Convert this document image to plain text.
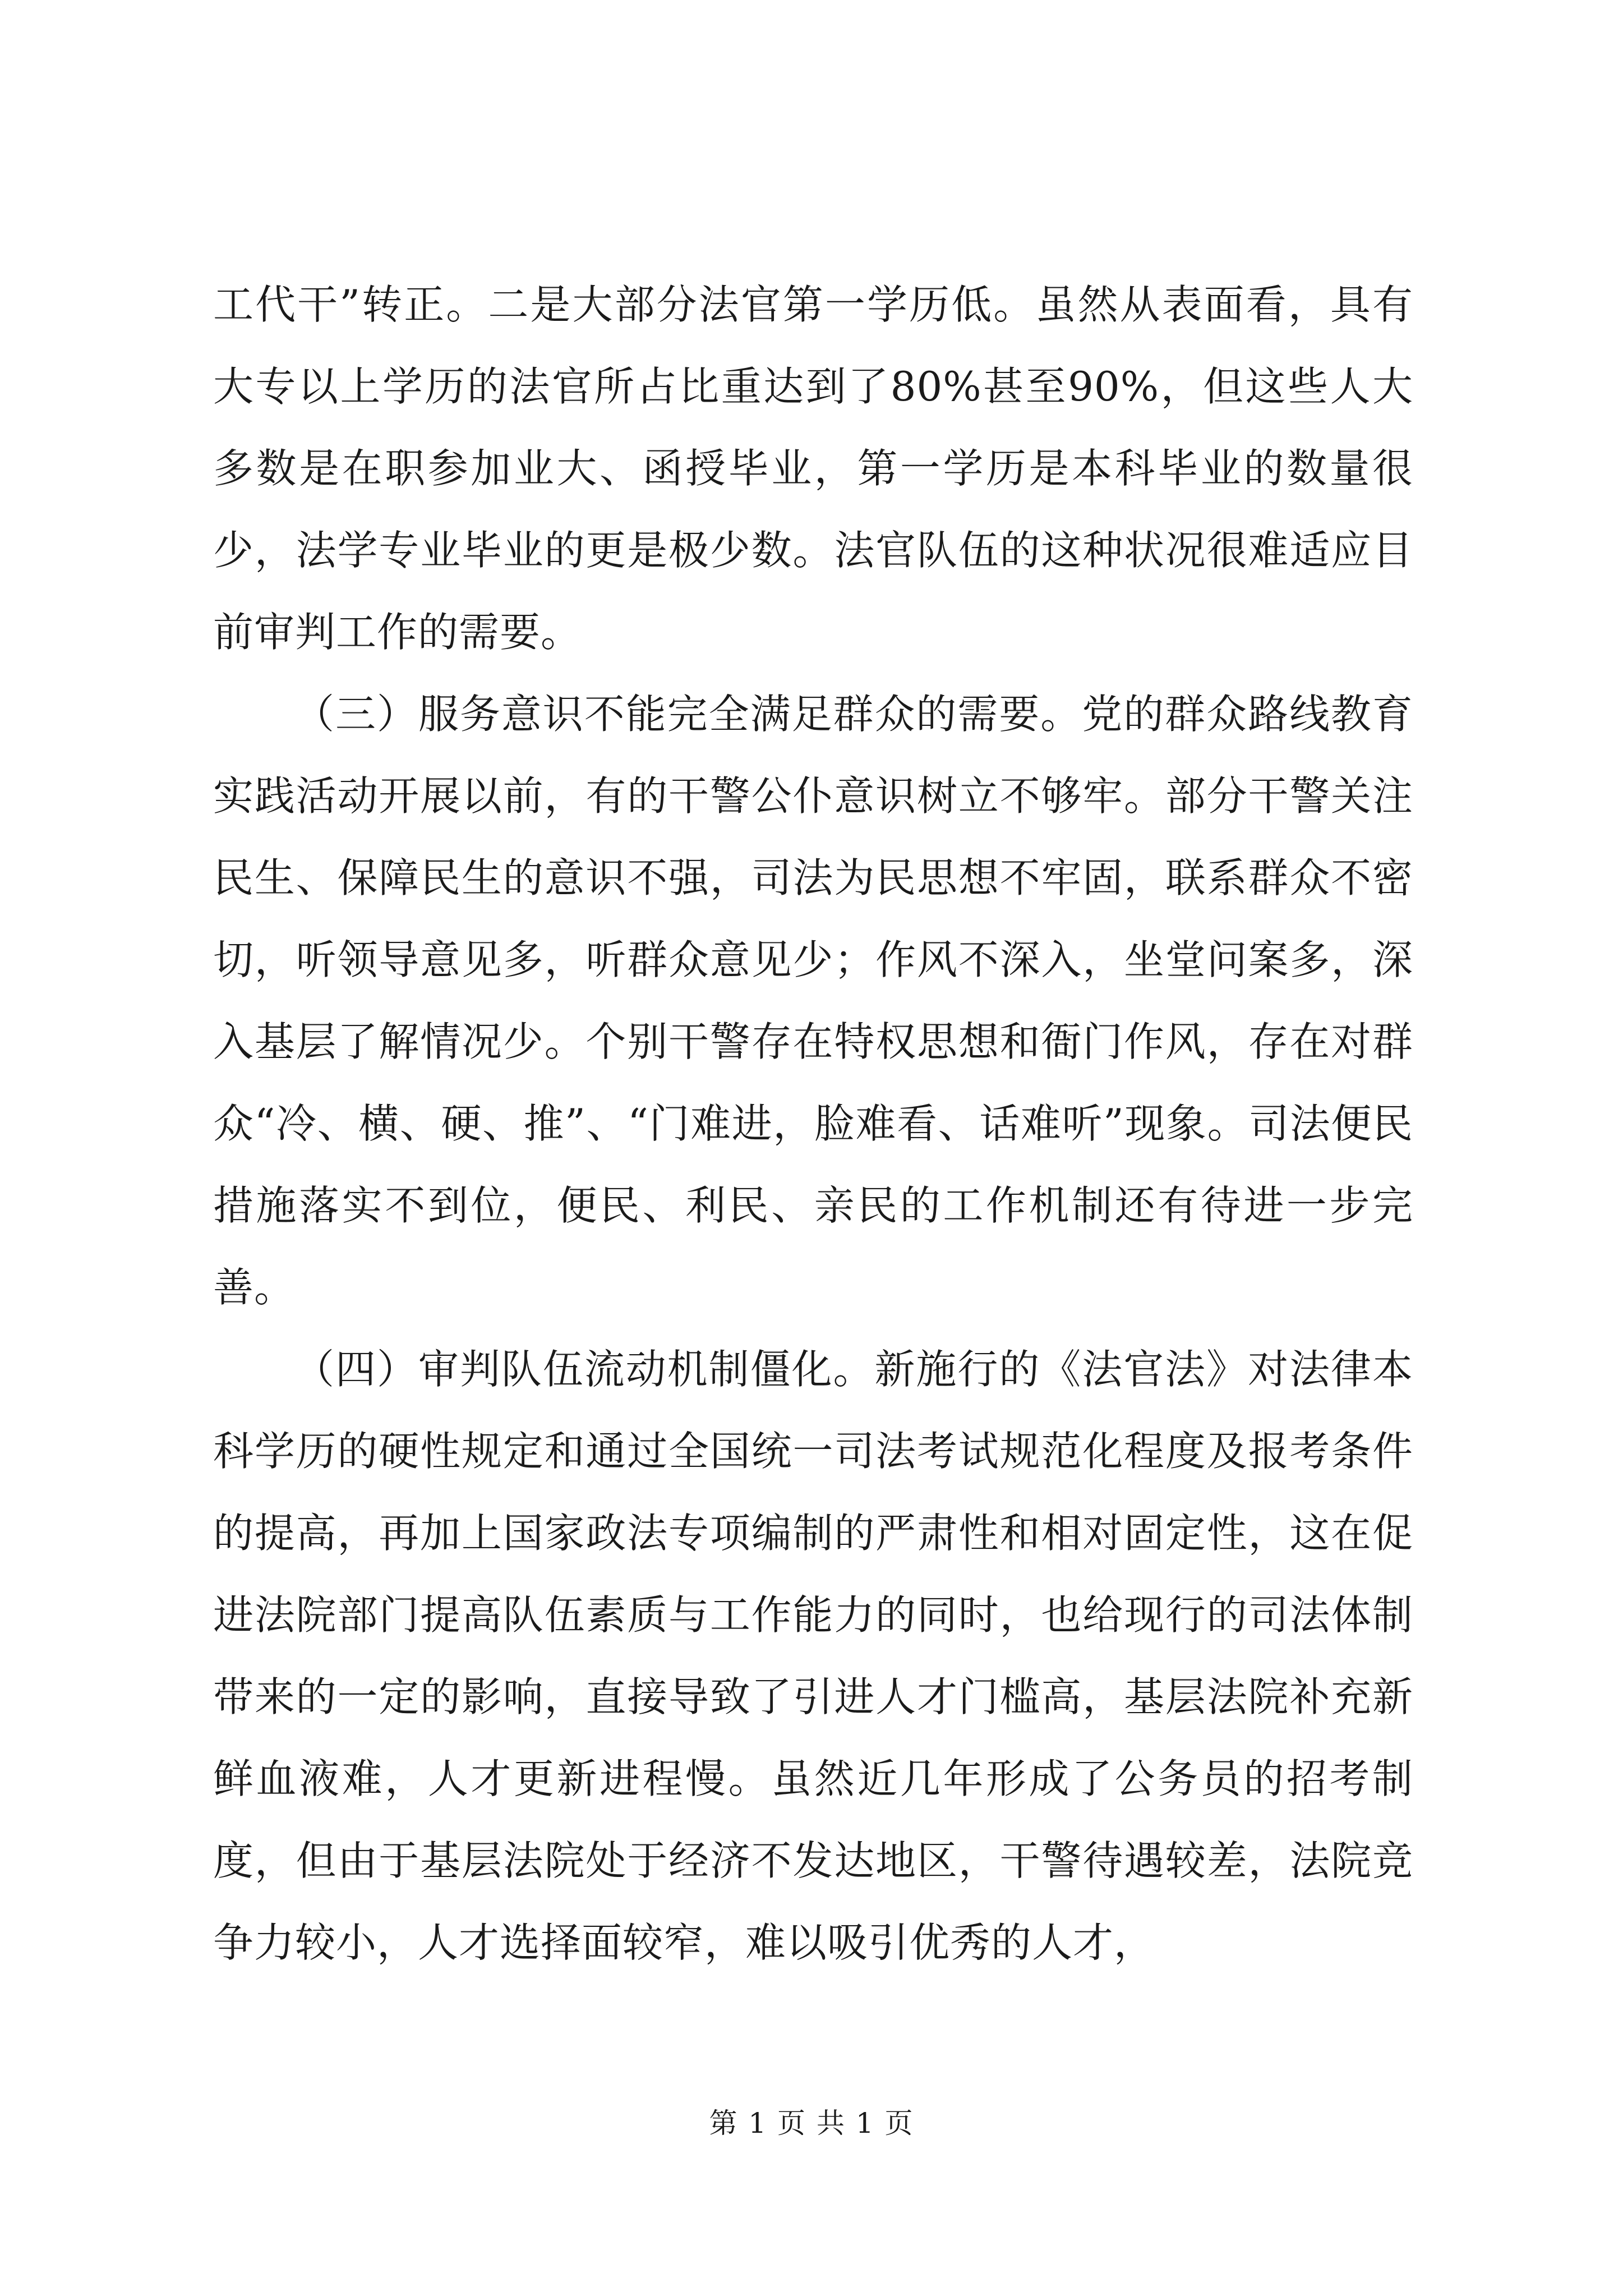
工代干”转正。二是大部分法官第一学历低。虽然从表面看，具有大专以上学历的法官所占比重达到了80%甚至90%，但这些人大多数是在职参加业大、函授毕业，第一学历是本科毕业的数量很少，法学专业毕业的更是极少数。法官队伍的这种状况很难适应目前审判工作的需要。

（三）服务意识不能完全满足群众的需要。党的群众路线教育实践活动开展以前，有的干警公仆意识树立不够牢。部分干警关注民生、保障民生的意识不强，司法为民思想不牢固，联系群众不密切，听领导意见多，听群众意见少；作风不深入，坐堂问案多，深入基层了解情况少。个别干警存在特权思想和衙门作风，存在对群众“冷、横、硬、推”、“门难进，脸难看、话难听”现象。司法便民措施落实不到位，便民、利民、亲民的工作机制还有待进一步完善。

（四）审判队伍流动机制僵化。新施行的《法官法》对法律本科学历的硬性规定和通过全国统一司法考试规范化程度及报考条件的提高，再加上国家政法专项编制的严肃性和相对固定性，这在促进法院部门提高队伍素质与工作能力的同时，也给现行的司法体制带来的一定的影响，直接导致了引进人才门槛高，基层法院补充新鲜血液难，人才更新进程慢。虽然近几年形成了公务员的招考制度，但由于基层法院处于经济不发达地区，干警待遇较差，法院竞争力较小，人才选择面较窄，难以吸引优秀的人才，

第 1 页 共 1 页
